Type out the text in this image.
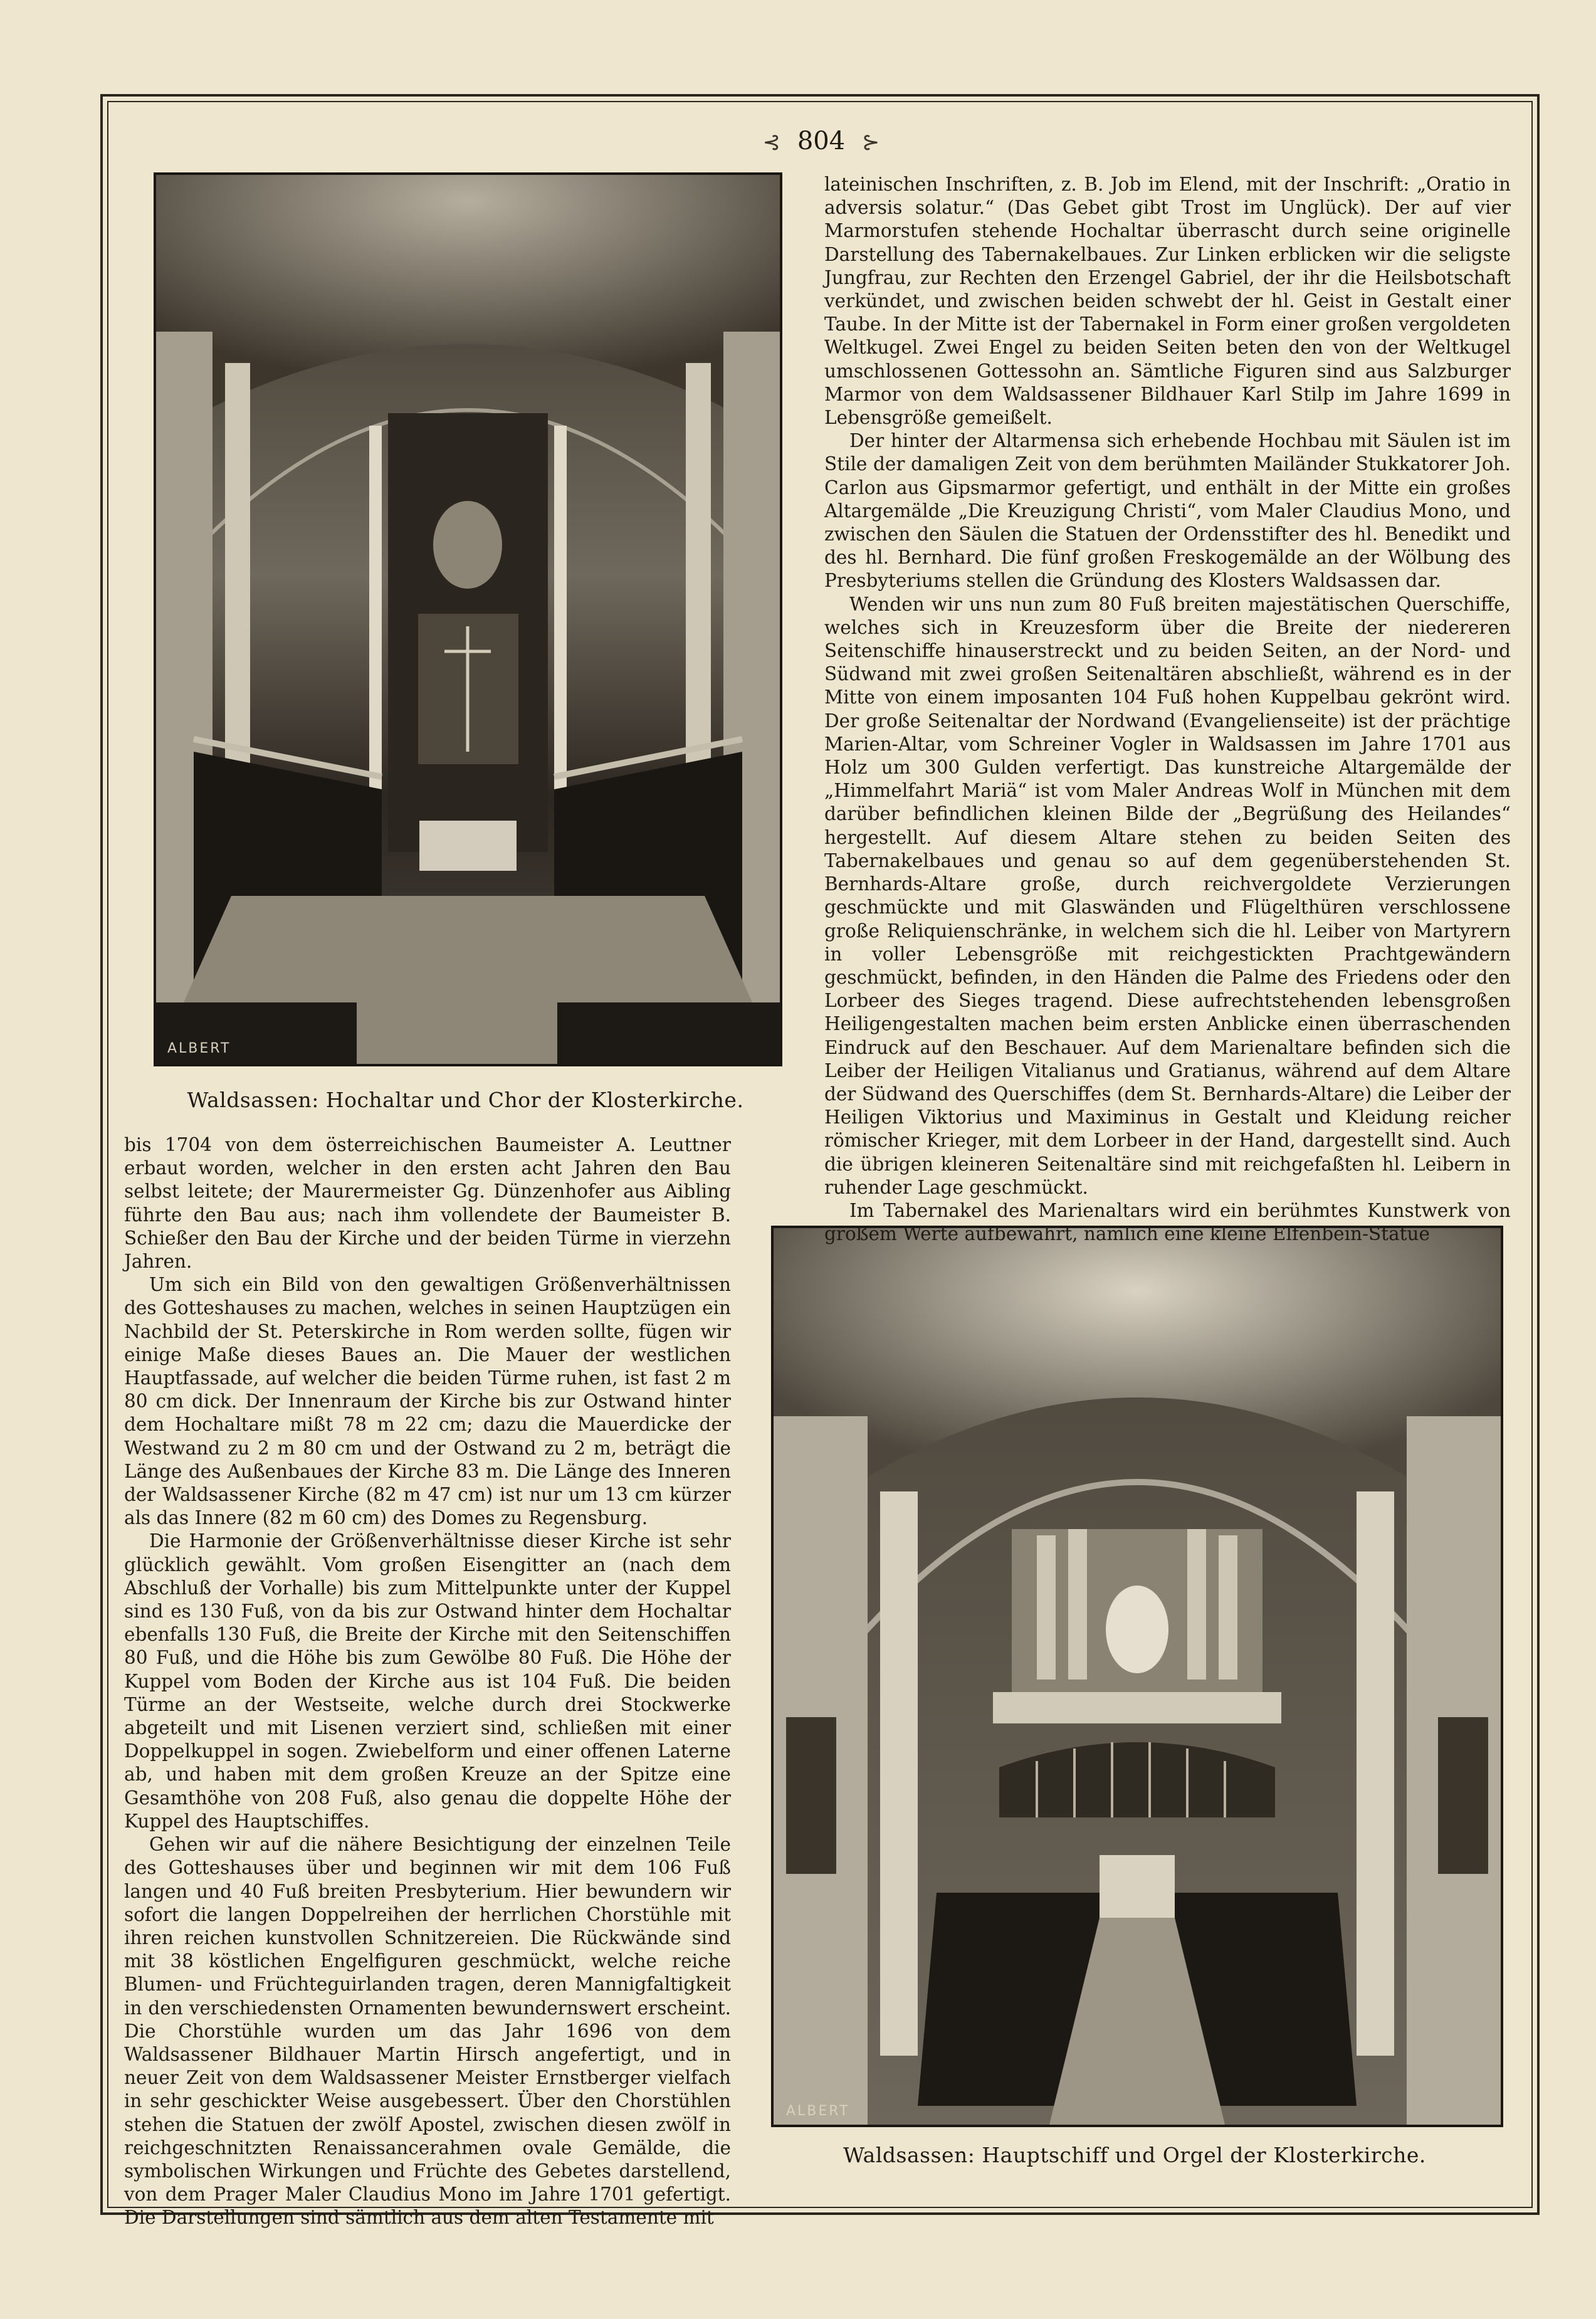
⊰ 804 ⊱
ALBERT
Waldsassen: Hochaltar und Chor der Klosterkirche.
ALBERT
Waldsassen: Hauptschiff und Orgel der Klosterkirche.

lateinischen Inschriften, z. B. Job im Elend, mit der Inschrift: „Oratio in adversis solatur.“ (Das Gebet gibt Trost im Unglück). Der auf vier Marmorstufen stehende Hochaltar überrascht durch seine originelle Darstellung des Tabernakelbaues. Zur Linken erblicken wir die seligste Jungfrau, zur Rechten den Erzengel Gabriel, der ihr die Heilsbotschaft verkündet, und zwischen beiden schwebt der hl. Geist in Gestalt einer Taube. In der Mitte ist der Tabernakel in Form einer großen vergoldeten Weltkugel. Zwei Engel zu beiden Seiten beten den von der Weltkugel umschlossenen Gottessohn an. Sämtliche Figuren sind aus Salzburger Marmor von dem Waldsassener Bildhauer Karl Stilp im Jahre 1699 in Lebensgröße gemeißelt.

Der hinter der Altarmensa sich erhebende Hochbau mit Säulen ist im Stile der damaligen Zeit von dem berühmten Mailänder Stukkatorer Joh. Carlon aus Gipsmarmor gefertigt, und enthält in der Mitte ein großes Altargemälde „Die Kreuzigung Christi“, vom Maler Claudius Mono, und zwischen den Säulen die Statuen der Ordensstifter des hl. Benedikt und des hl. Bernhard. Die fünf großen Freskogemälde an der Wölbung des Presbyteriums stellen die Gründung des Klosters Waldsassen dar.

Wenden wir uns nun zum 80 Fuß breiten majestätischen Querschiffe, welches sich in Kreuzesform über die Breite der niedereren Seitenschiffe hinauserstreckt und zu beiden Seiten, an der Nord- und Südwand mit zwei großen Seitenaltären abschließt, während es in der Mitte von einem imposanten 104 Fuß hohen Kuppelbau gekrönt wird. Der große Seitenaltar der Nordwand (Evangelienseite) ist der prächtige Marien-Altar, vom Schreiner Vogler in Waldsassen im Jahre 1701 aus Holz um 300 Gulden verfertigt. Das kunstreiche Altargemälde der „Himmelfahrt Mariä“ ist vom Maler Andreas Wolf in München mit dem darüber befindlichen kleinen Bilde der „Begrüßung des Heilandes“ hergestellt. Auf diesem Altare stehen zu beiden Seiten des Tabernakelbaues und genau so auf dem gegenüberstehenden St. Bernhards-Altare große, durch reichvergoldete Verzierungen geschmückte und mit Glaswänden und Flügelthüren verschlossene große Reliquienschränke, in welchem sich die hl. Leiber von Martyrern in voller Lebensgröße mit reichgestickten Prachtgewändern geschmückt, befinden, in den Händen die Palme des Friedens oder den Lorbeer des Sieges tragend. Diese aufrechtstehenden lebensgroßen Heiligengestalten machen beim ersten Anblicke einen überraschenden Eindruck auf den Beschauer. Auf dem Marienaltare befinden sich die Leiber der Heiligen Vitalianus und Gratianus, während auf dem Altare der Südwand des Querschiffes (dem St. Bernhards-Altare) die Leiber der Heiligen Viktorius und Maximinus in Gestalt und Kleidung reicher römischer Krieger, mit dem Lorbeer in der Hand, dargestellt sind. Auch die übrigen kleineren Seitenaltäre sind mit reichgefaßten hl. Leibern in ruhender Lage geschmückt.

Im Tabernakel des Marienaltars wird ein berühmtes Kunstwerk von großem Werte aufbewahrt, nämlich eine kleine Elfenbein-Statue

bis 1704 von dem österreichischen Baumeister A. Leuttner erbaut worden, welcher in den ersten acht Jahren den Bau selbst leitete; der Maurermeister Gg. Dünzenhofer aus Aibling führte den Bau aus; nach ihm vollendete der Baumeister B. Schießer den Bau der Kirche und der beiden Türme in vierzehn Jahren.

Um sich ein Bild von den gewaltigen Größenverhältnissen des Gotteshauses zu machen, welches in seinen Hauptzügen ein Nachbild der St. Peterskirche in Rom werden sollte, fügen wir einige Maße dieses Baues an. Die Mauer der westlichen Hauptfassade, auf welcher die beiden Türme ruhen, ist fast 2 m 80 cm dick. Der Innenraum der Kirche bis zur Ostwand hinter dem Hochaltare mißt 78 m 22 cm; dazu die Mauerdicke der Westwand zu 2 m 80 cm und der Ostwand zu 2 m, beträgt die Länge des Außenbaues der Kirche 83 m. Die Länge des Inneren der Waldsassener Kirche (82 m 47 cm) ist nur um 13 cm kürzer als das Innere (82 m 60 cm) des Domes zu Regensburg.

Die Harmonie der Größenverhältnisse dieser Kirche ist sehr glücklich gewählt. Vom großen Eisengitter an (nach dem Abschluß der Vorhalle) bis zum Mittelpunkte unter der Kuppel sind es 130 Fuß, von da bis zur Ostwand hinter dem Hochaltar ebenfalls 130 Fuß, die Breite der Kirche mit den Seitenschiffen 80 Fuß, und die Höhe bis zum Gewölbe 80 Fuß. Die Höhe der Kuppel vom Boden der Kirche aus ist 104 Fuß. Die beiden Türme an der Westseite, welche durch drei Stockwerke abgeteilt und mit Lisenen verziert sind, schließen mit einer Doppelkuppel in sogen. Zwiebelform und einer offenen Laterne ab, und haben mit dem großen Kreuze an der Spitze eine Gesamthöhe von 208 Fuß, also genau die doppelte Höhe der Kuppel des Hauptschiffes.

Gehen wir auf die nähere Besichtigung der einzelnen Teile des Gotteshauses über und beginnen wir mit dem 106 Fuß langen und 40 Fuß breiten Presbyterium. Hier bewundern wir sofort die langen Doppelreihen der herrlichen Chorstühle mit ihren reichen kunstvollen Schnitzereien. Die Rückwände sind mit 38 köstlichen Engelfiguren geschmückt, welche reiche Blumen- und Früchteguirlanden tragen, deren Mannigfaltigkeit in den verschiedensten Ornamenten bewundernswert erscheint. Die Chorstühle wurden um das Jahr 1696 von dem Waldsassener Bildhauer Martin Hirsch angefertigt, und in neuer Zeit von dem Waldsassener Meister Ernstberger vielfach in sehr geschickter Weise ausgebessert. Über den Chorstühlen stehen die Statuen der zwölf Apostel, zwischen diesen zwölf in reichgeschnitzten Renaissancerahmen ovale Gemälde, die symbolischen Wirkungen und Früchte des Gebetes darstellend, von dem Prager Maler Claudius Mono im Jahre 1701 gefertigt. Die Darstellungen sind sämtlich aus dem alten Testamente mit
